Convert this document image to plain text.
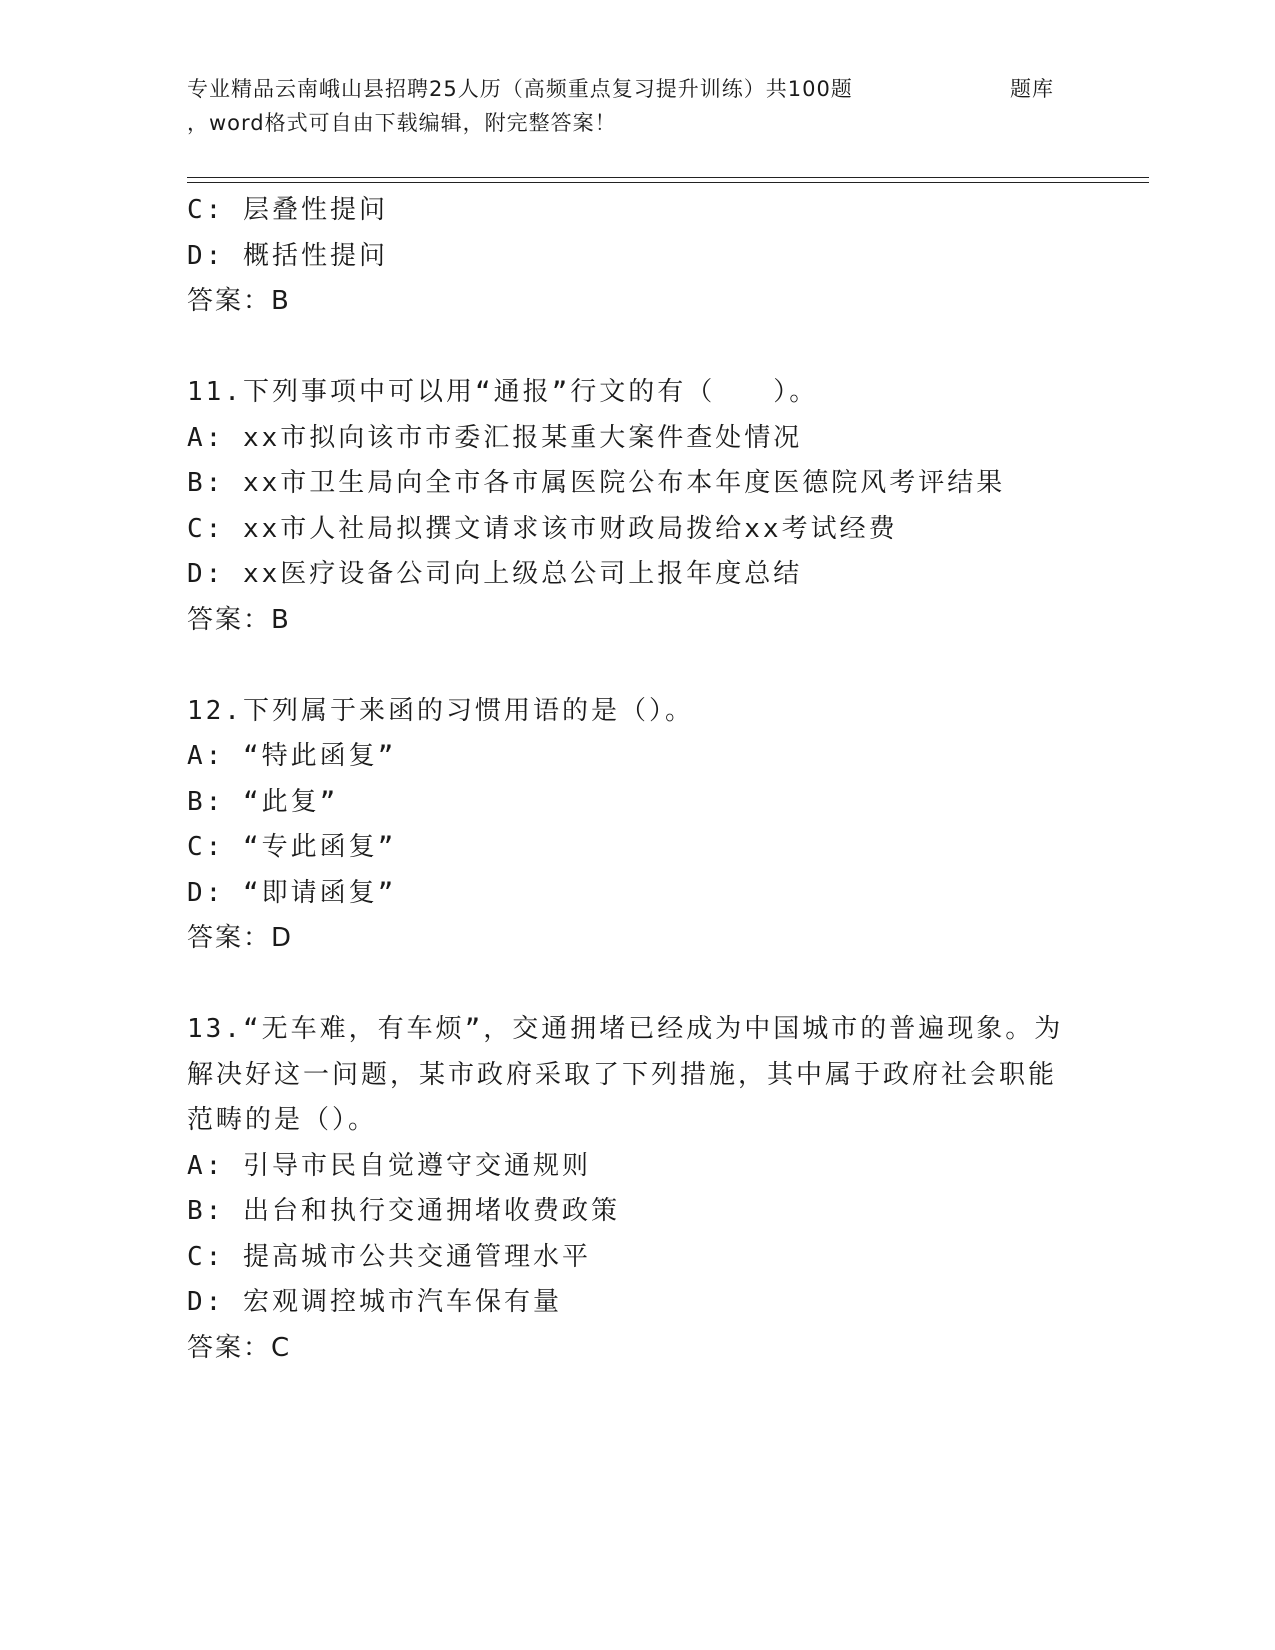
专业精品云南峨山县招聘25人历（高频重点复习提升训练）共100题	题库
，word格式可自由下载编辑，附完整答案！
C: 层叠性提问
D: 概括性提问
答案：B
11.下列事项中可以用“通报”行文的有（　　）。
A: xx市拟向该市市委汇报某重大案件查处情况
B: xx市卫生局向全市各市属医院公布本年度医德院风考评结果
C: xx市人社局拟撰文请求该市财政局拨给xx考试经费
D: xx医疗设备公司向上级总公司上报年度总结
答案：B
12.下列属于来函的习惯用语的是（）。
A: “特此函复”
B: “此复”
C: “专此函复”
D: “即请函复”
答案：D
13.“无车难，有车烦”，交通拥堵已经成为中国城市的普遍现象。为
解决好这一问题，某市政府采取了下列措施，其中属于政府社会职能
范畴的是（）。
A: 引导市民自觉遵守交通规则
B: 出台和执行交通拥堵收费政策
C: 提高城市公共交通管理水平
D: 宏观调控城市汽车保有量
答案：C
